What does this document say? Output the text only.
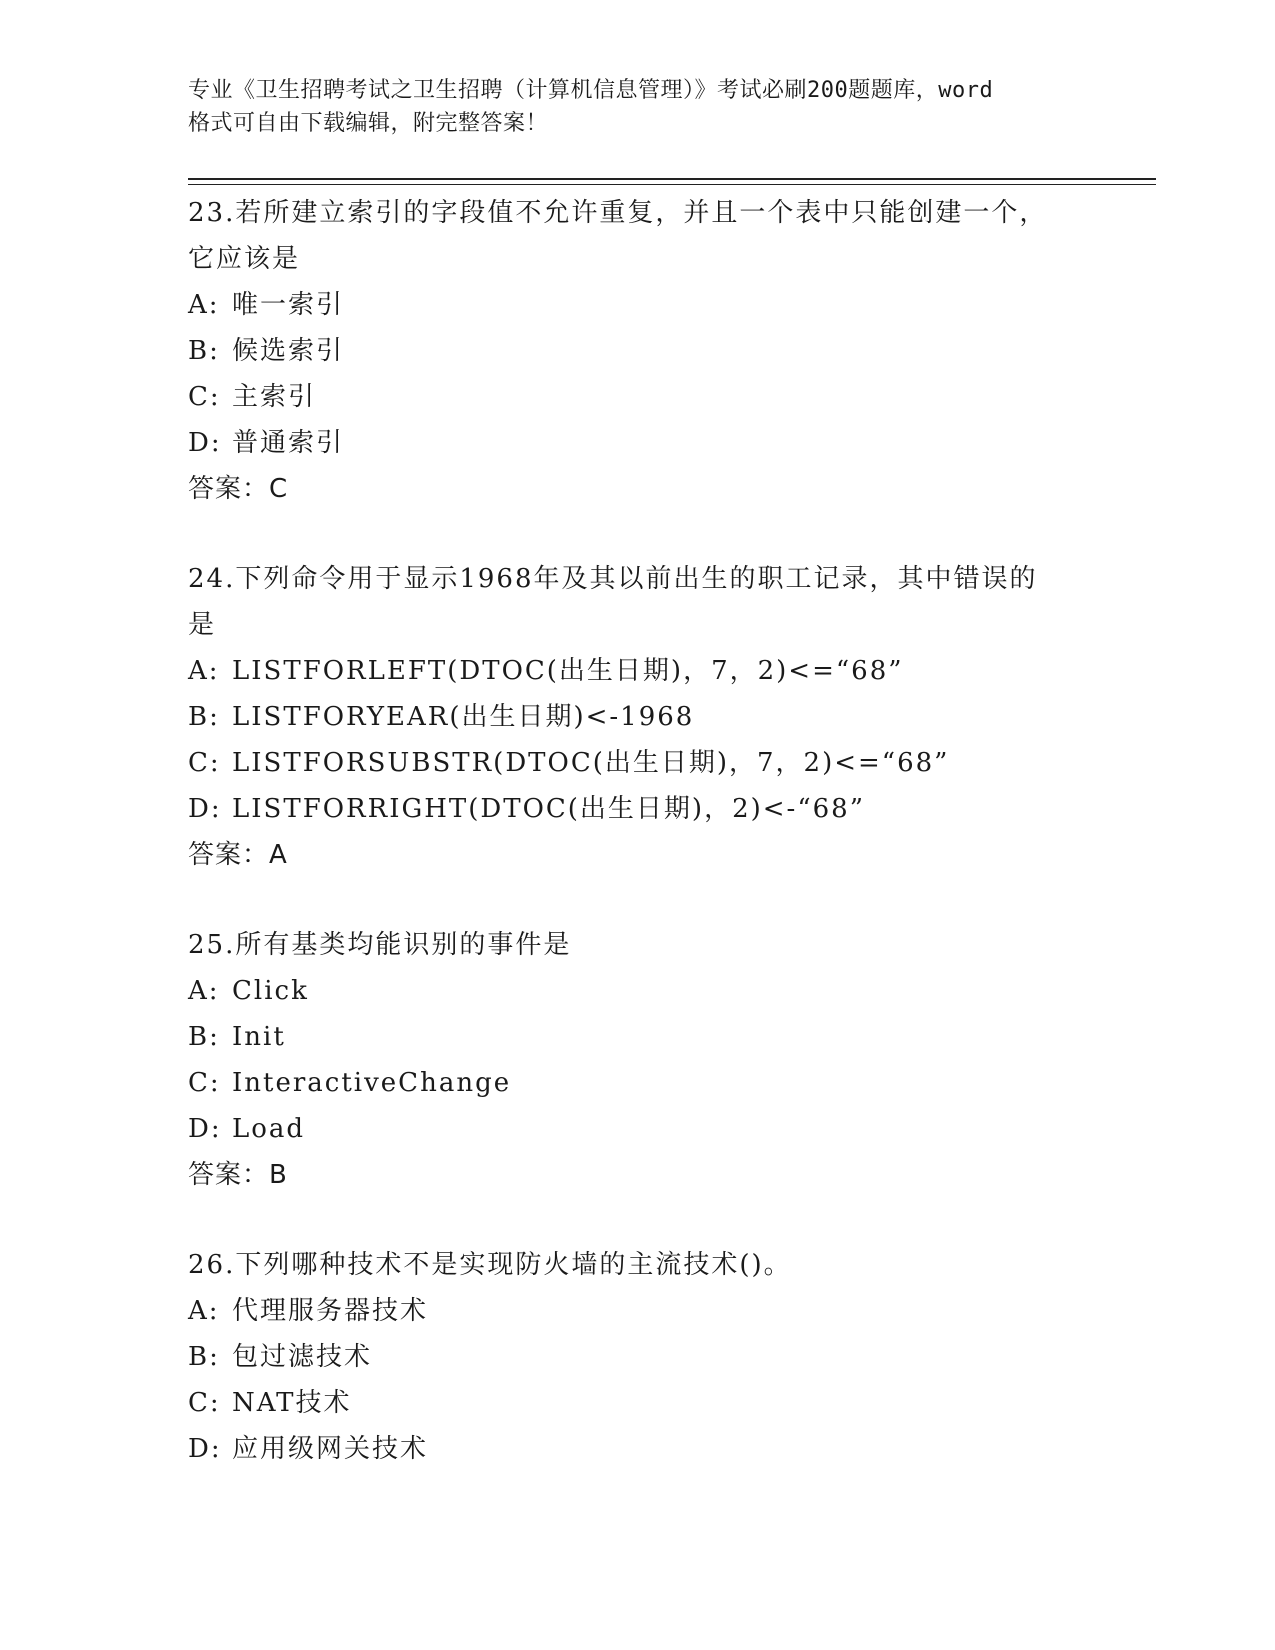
专业《卫生招聘考试之卫生招聘（计算机信息管理）》考试必刷200题题库，word
格式可自由下载编辑，附完整答案！
23.若所建立索引的字段值不允许重复，并且一个表中只能创建一个，
它应该是
A: 唯一索引
B: 候选索引
C: 主索引
D: 普通索引
答案：C
24.下列命令用于显示1968年及其以前出生的职工记录，其中错误的
是
A: LISTFORLEFT(DTOC(出生日期)，7，2)<=“68”
B: LISTFORYEAR(出生日期)<-1968
C: LISTFORSUBSTR(DTOC(出生日期)，7，2)<=“68”
D: LISTFORRIGHT(DTOC(出生日期)，2)<-“68”
答案：A
25.所有基类均能识别的事件是
A: Click
B: Init
C: InteractiveChange
D: Load
答案：B
26.下列哪种技术不是实现防火墙的主流技术()。
A: 代理服务器技术
B: 包过滤技术
C: NAT技术
D: 应用级网关技术
